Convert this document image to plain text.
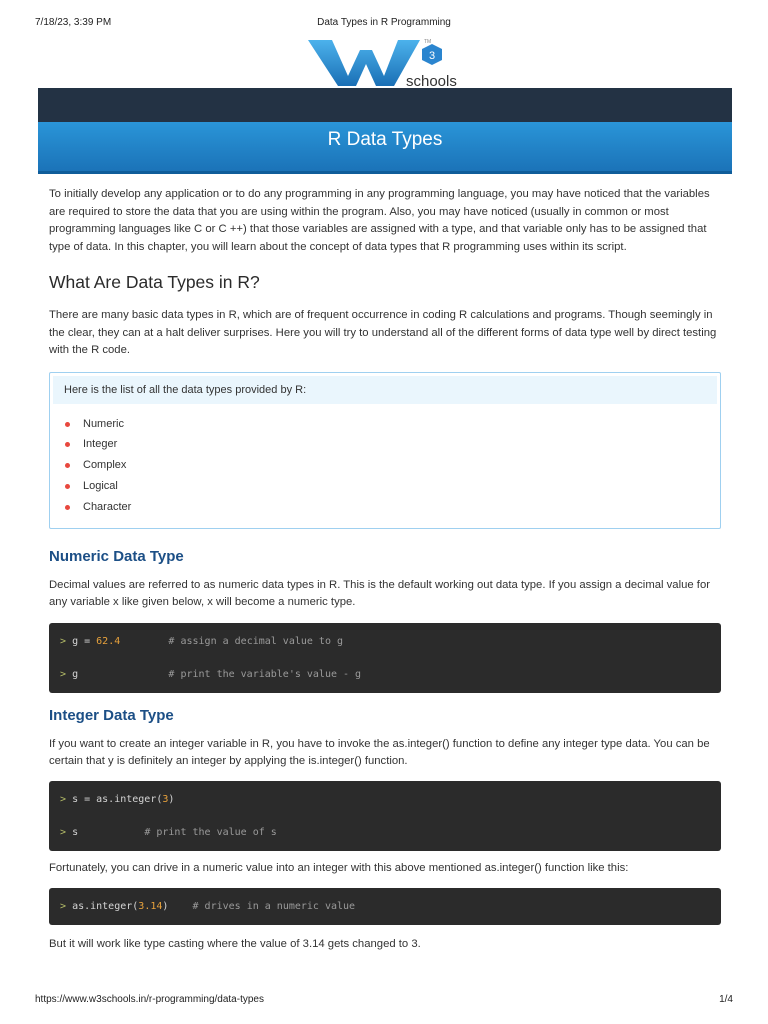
7/18/23, 3:39 PM	Data Types in R Programming
3
TM
schools
R Data Types

To initially develop any application or to do any programming in any programming language, you may have noticed that the variables are required to store the data that you are using within the program. Also, you may have noticed (usually in common or most programming languages like C or C ++) that those variables are assigned with a type, and that variable only has to be assigned that type of data. In this chapter, you will learn about the concept of data types that R programming uses within its script.

What Are Data Types in R?

There are many basic data types in R, which are of frequent occurrence in coding R calculations and programs. Though seemingly in the clear, they can at a halt deliver surprises. Here you will try to understand all of the different forms of data type well by direct testing with the R code.

Here is the list of all the data types provided by R:
Numeric
Integer
Complex
Logical
Character
Numeric Data Type

Decimal values are referred to as numeric data types in R. This is the default working out data type. If you assign a decimal value for any variable x like given below, x will become a numeric type.

> g = 62.4	# assign a decimal value to g
> g	# print the variable's value - g
Integer Data Type

If you want to create an integer variable in R, you have to invoke the as.integer() function to define any integer type data. You can be certain that y is definitely an integer by applying the is.integer() function.

> s = as.integer(3)
> s	# print the value of s

Fortunately, you can drive in a numeric value into an integer with this above mentioned as.integer() function like this:

> as.integer(3.14) # drives in a numeric value

But it will work like type casting where the value of 3.14 gets changed to 3.

https://www.w3schools.in/r-programming/data-types	1/4
